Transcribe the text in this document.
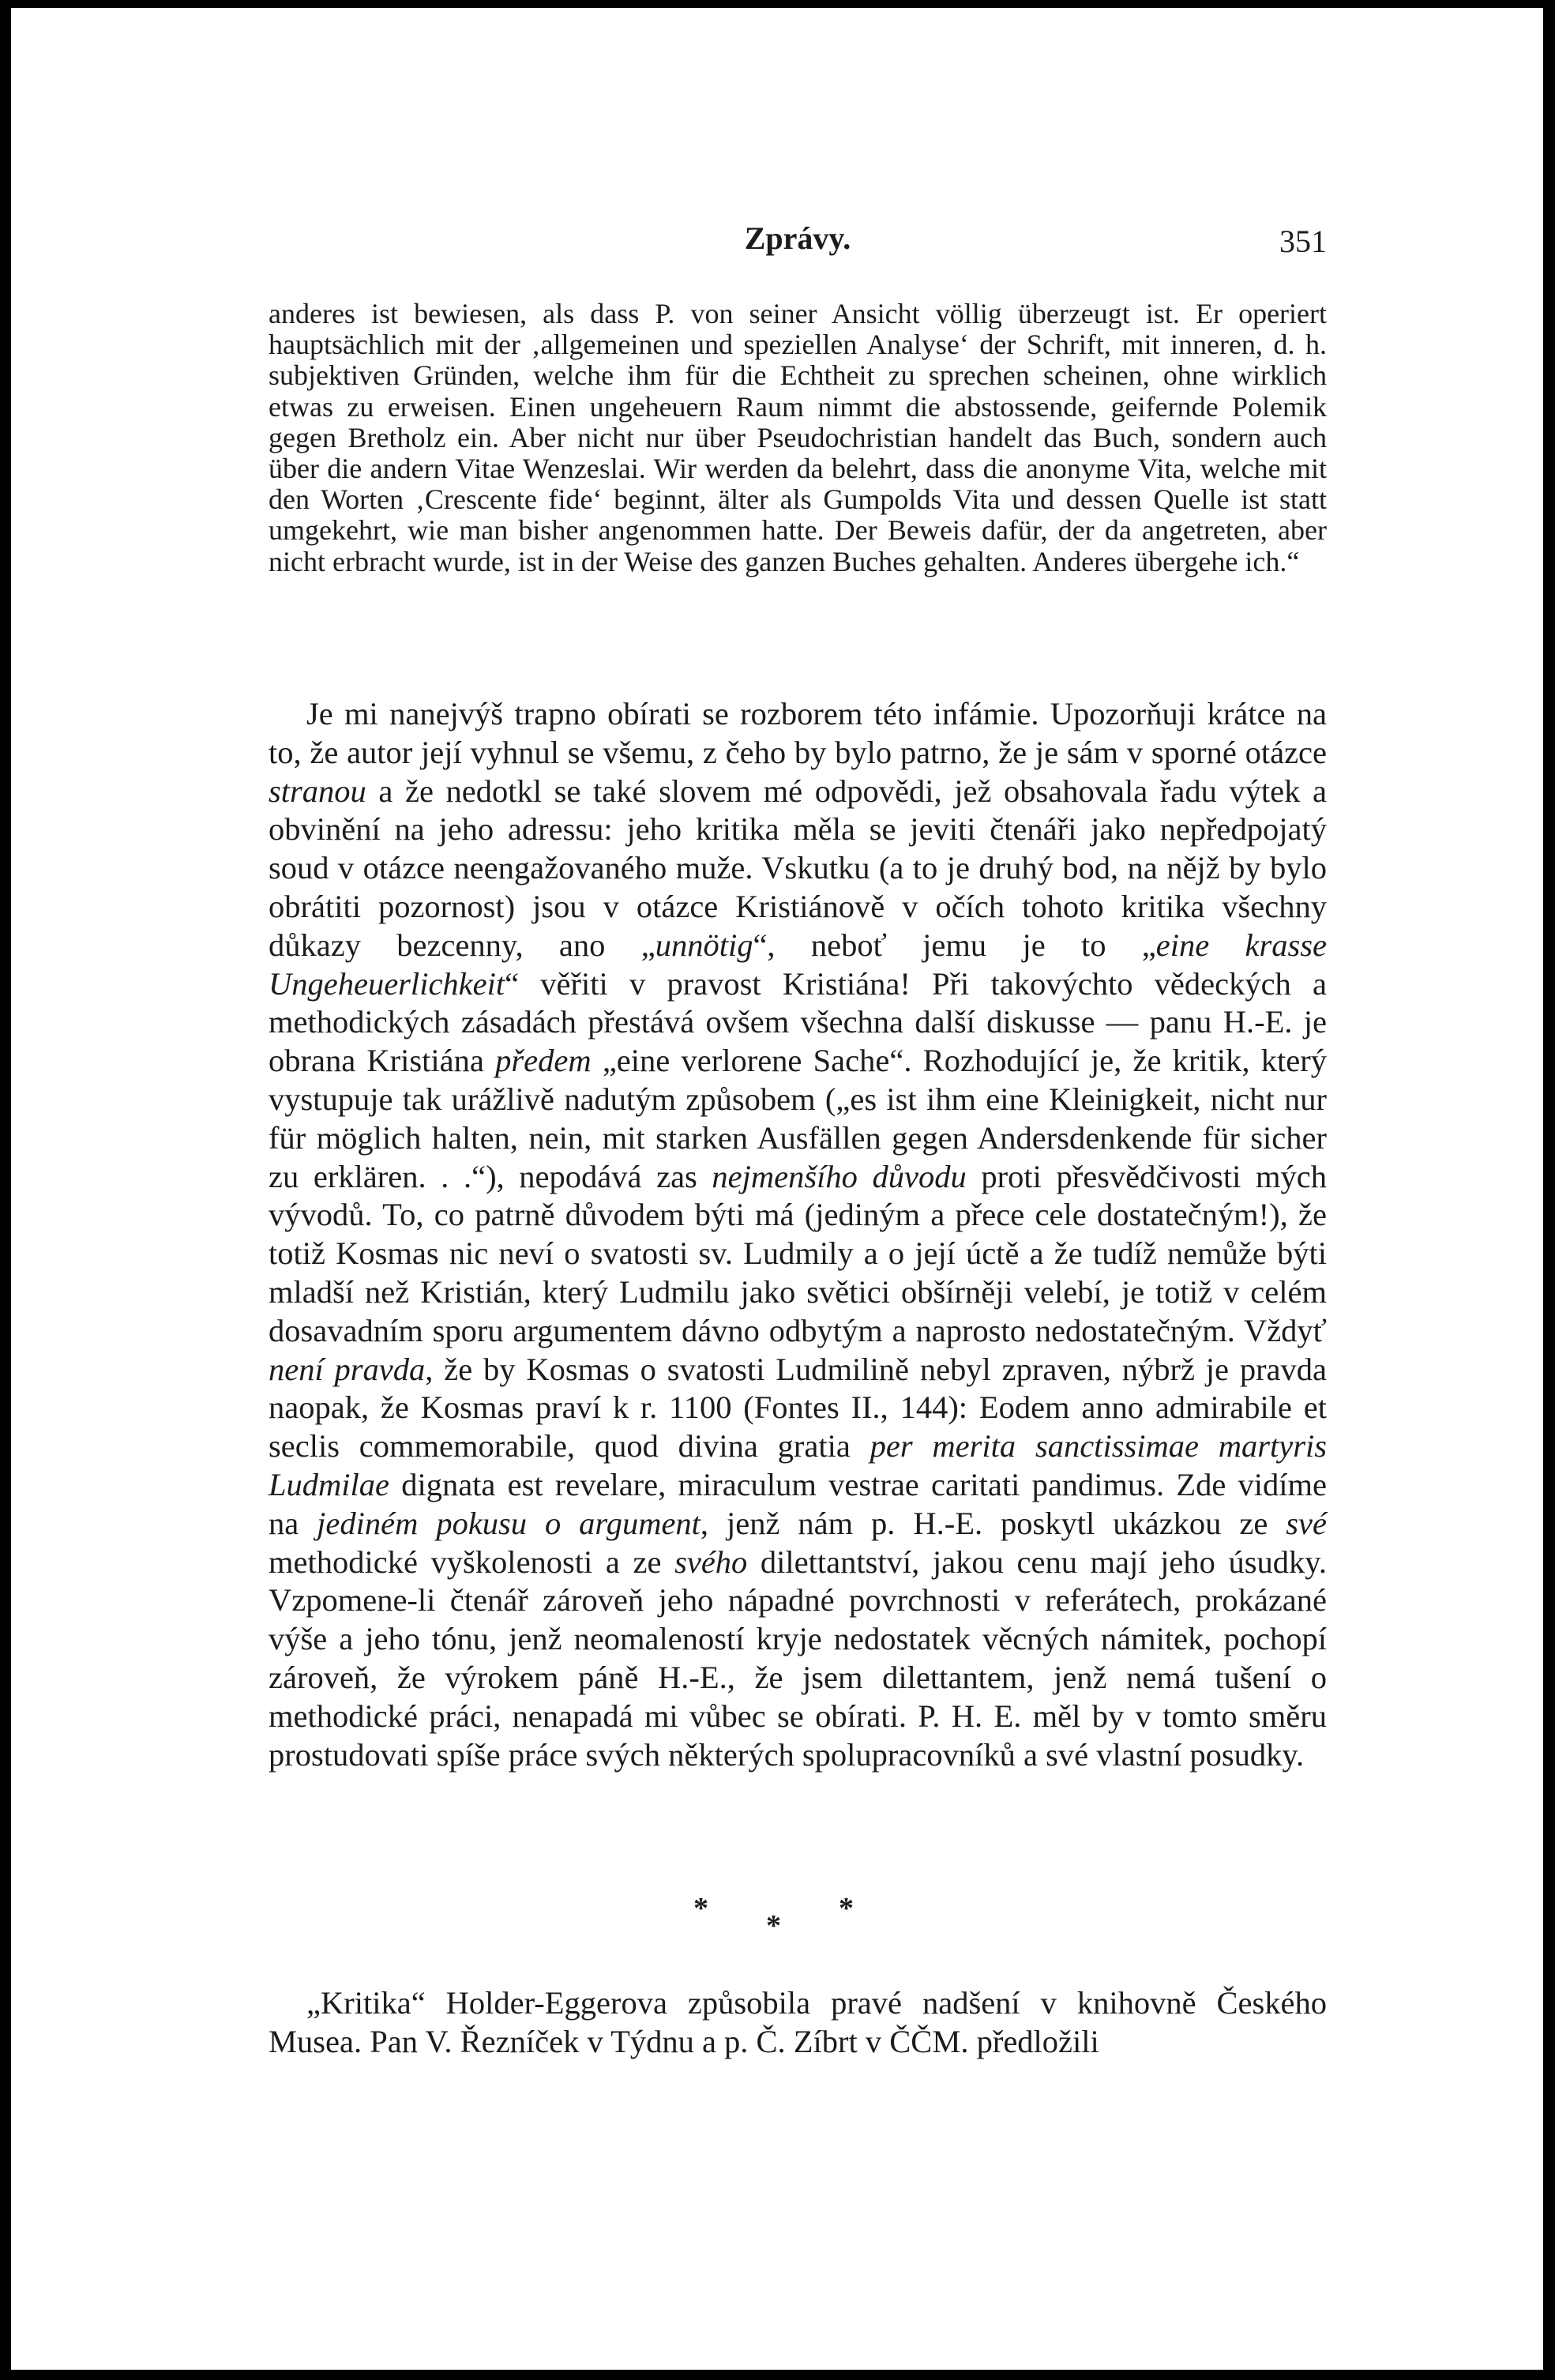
Zprávy.	351

anderes ist bewiesen, als dass P. von seiner Ansicht völlig überzeugt ist. Er operiert hauptsächlich mit der ‚allgemeinen und speziellen Analyse‘ der Schrift, mit inneren, d. h. subjektiven Gründen, welche ihm für die Echtheit zu sprechen scheinen, ohne wirklich etwas zu erweisen. Einen ungeheuern Raum nimmt die abstossende, geifernde Polemik gegen Bretholz ein. Aber nicht nur über Pseudochristian handelt das Buch, sondern auch über die andern Vitae Wenzeslai. Wir werden da belehrt, dass die anonyme Vita, welche mit den Worten ‚Crescente fide‘ beginnt, älter als Gumpolds Vita und dessen Quelle ist statt umgekehrt, wie man bisher angenommen hatte. Der Beweis dafür, der da angetreten, aber nicht erbracht wurde, ist in der Weise des ganzen Buches gehalten. Anderes übergehe ich.“

Je mi nanejvýš trapno obírati se rozborem této infámie. Upozorňuji krátce na to, že autor její vyhnul se všemu, z čeho by bylo patrno, že je sám v sporné otázce stranou a že nedotkl se také slovem mé odpovědi, jež obsahovala řadu výtek a obvinění na jeho adressu: jeho kritika měla se jeviti čtenáři jako nepředpojatý soud v otázce neengažovaného muže. Vskutku (a to je druhý bod, na nějž by bylo obrátiti pozornost) jsou v otázce Kristiánově v očích tohoto kritika všechny důkazy bezcenny, ano „unnötig“, neboť jemu je to „eine krasse Ungeheuerlichkeit“ věřiti v pravost Kristiána! Při takovýchto vědeckých a methodických zásadách přestává ovšem všechna další diskusse — panu H.-E. je obrana Kristiána předem „eine verlorene Sache“. Rozhodující je, že kritik, který vystupuje tak urážlivě nadutým způsobem („es ist ihm eine Kleinigkeit, nicht nur für möglich halten, nein, mit starken Ausfällen gegen Andersdenkende für sicher zu erklären. . .“), nepodává zas nejmenšího důvodu proti přesvědčivosti mých vývodů. To, co patrně důvodem býti má (jediným a přece cele dostatečným!), že totiž Kosmas nic neví o svatosti sv. Ludmily a o její úctě a že tudíž nemůže býti mladší než Kristián, který Ludmilu jako světici obšírněji velebí, je totiž v celém dosavadním sporu argumentem dávno odbytým a naprosto nedostatečným. Vždyť není pravda, že by Kosmas o svatosti Ludmilině nebyl zpraven, nýbrž je pravda naopak, že Kosmas praví k r. 1100 (Fontes II., 144): Eodem anno admirabile et seclis commemorabile, quod divina gratia per merita sanctissimae martyris Ludmilae dignata est revelare, miraculum vestrae caritati pandimus. Zde vidíme na jediném pokusu o argument, jenž nám p. H.-E. poskytl ukázkou ze své methodické vyškolenosti a ze svého dilettantství, jakou cenu mají jeho úsudky. Vzpomene-li čtenář zároveň jeho nápadné povrchnosti v referátech, prokázané výše a jeho tónu, jenž neomaleností kryje nedostatek věcných námitek, pochopí zároveň, že výrokem páně H.-E., že jsem dilettantem, jenž nemá tušení o methodické práci, nenapadá mi vůbec se obírati. P. H. E. měl by v tomto směru prostudovati spíše práce svých některých spolupracovníků a své vlastní posudky.

*
*
*

„Kritika“ Holder-Eggerova způsobila pravé nadšení v knihovně Českého Musea. Pan V. Řezníček v Týdnu a p. Č. Zíbrt v ČČM. předložili
